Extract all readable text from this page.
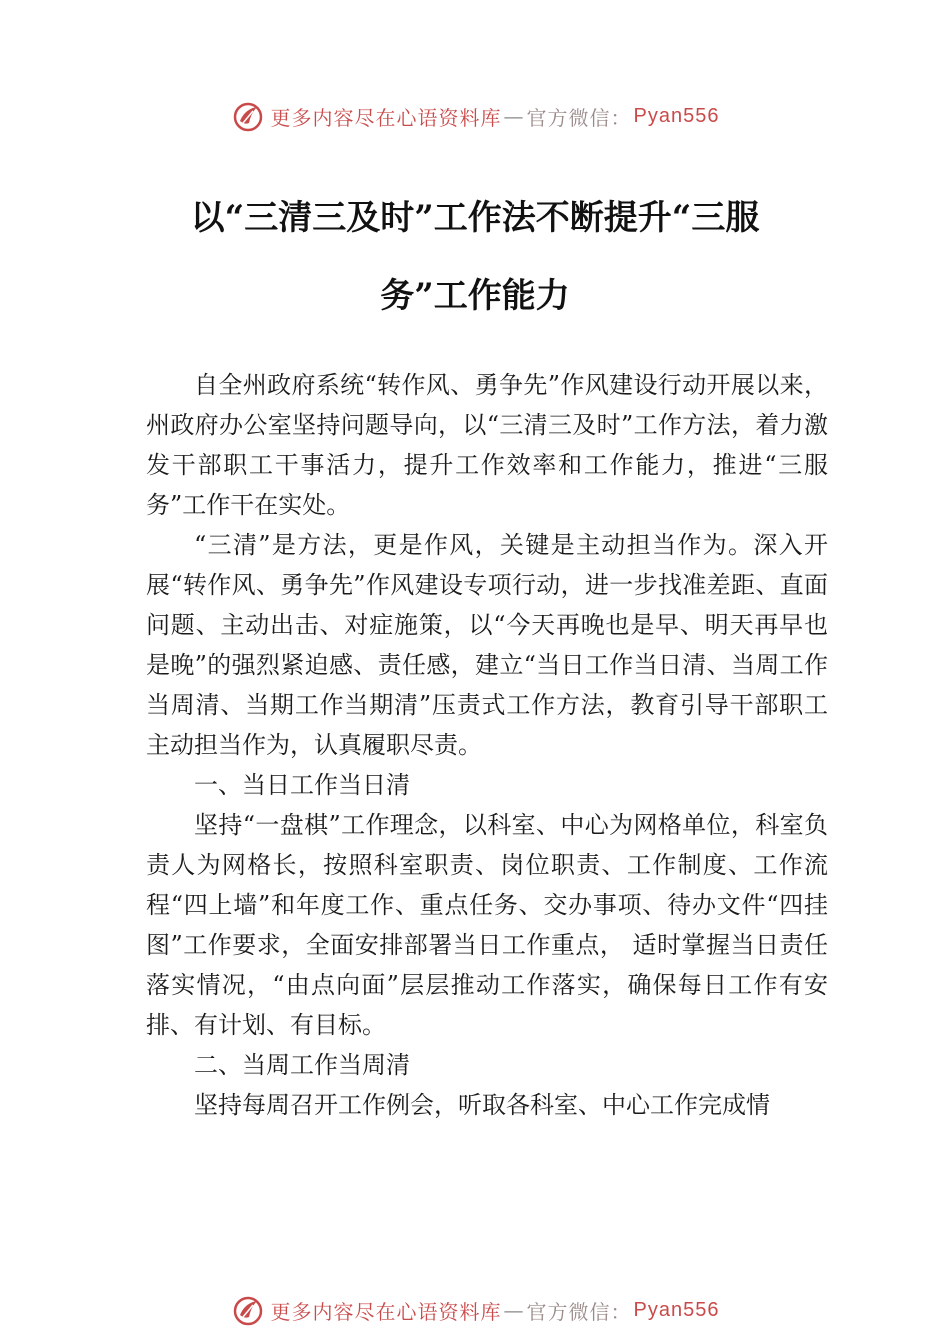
更多内容尽在心语资料库 — 官方微信： Pyan556
以“三清三及时”工作法不断提升“三服
务”工作能力

自全州政府系统“转作风、勇争先”作风建设行动开展以来，州政府办公室坚持问题导向，以“三清三及时”工作方法，着力激发干部职工干事活力，提升工作效率和工作能力，推进“三服务”工作干在实处。

“三清”是方法，更是作风，关键是主动担当作为。深入开展“转作风、勇争先”作风建设专项行动，进一步找准差距、直面问题、主动出击、对症施策，以“今天再晚也是早、明天再早也是晚”的强烈紧迫感、责任感，建立“当日工作当日清、当周工作当周清、当期工作当期清”压责式工作方法，教育引导干部职工主动担当作为，认真履职尽责。

一、当日工作当日清

坚持“一盘棋”工作理念，以科室、中心为网格单位，科室负责人为网格长，按照科室职责、岗位职责、工作制度、工作流程“四上墙”和年度工作、重点任务、交办事项、待办文件“四挂图”工作要求，全面安排部署当日工作重点， 适时掌握当日责任落实情况，“由点向面”层层推动工作落实，确保每日工作有安排、有计划、有目标。

二、当周工作当周清

坚持每周召开工作例会，听取各科室、中心工作完成情

更多内容尽在心语资料库 — 官方微信： Pyan556
